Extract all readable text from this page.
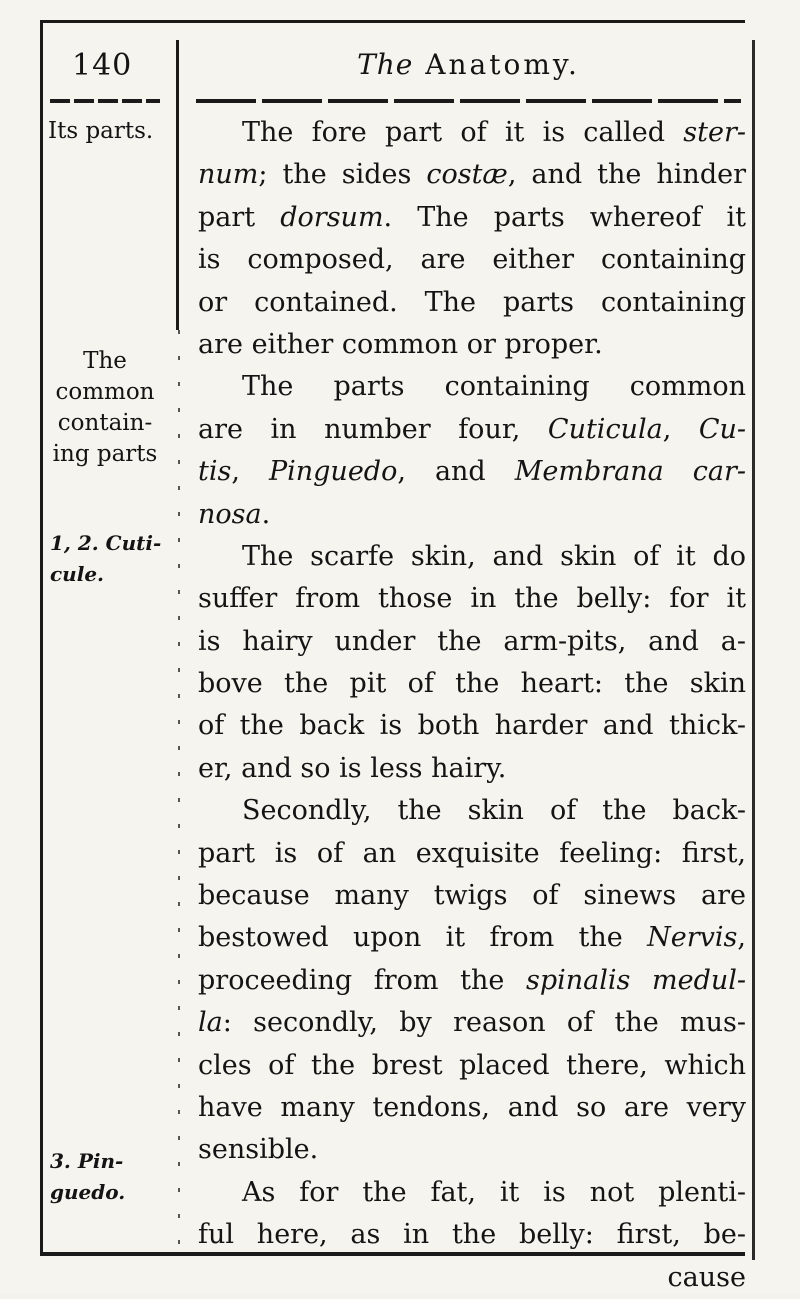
140	The Anatomy.
Its parts.
The
common
contain-
ing parts
1, 2. Cuti-
cule.
3. Pin-
guedo.
The fore part of it is called ster-
num; the sides costæ, and the hinder
part dorsum. The parts whereof it
is composed, are either containing
or contained. The parts containing
are either common or proper.
The parts containing common
are in number four, Cuticula, Cu-
tis, Pinguedo, and Membrana car-
nosa.
The scarfe skin, and skin of it do
suffer from those in the belly: for it
is hairy under the arm-pits, and a-
bove the pit of the heart: the skin
of the back is both harder and thick-
er, and so is less hairy.
Secondly, the skin of the back-
part is of an exquisite feeling: first,
because many twigs of sinews are
bestowed upon it from the Nervis,
proceeding from the spinalis medul-
la: secondly, by reason of the mus-
cles of the brest placed there, which
have many tendons, and so are very
sensible.
As for the fat, it is not plenti-
ful here, as in the belly: first, be-
cause
